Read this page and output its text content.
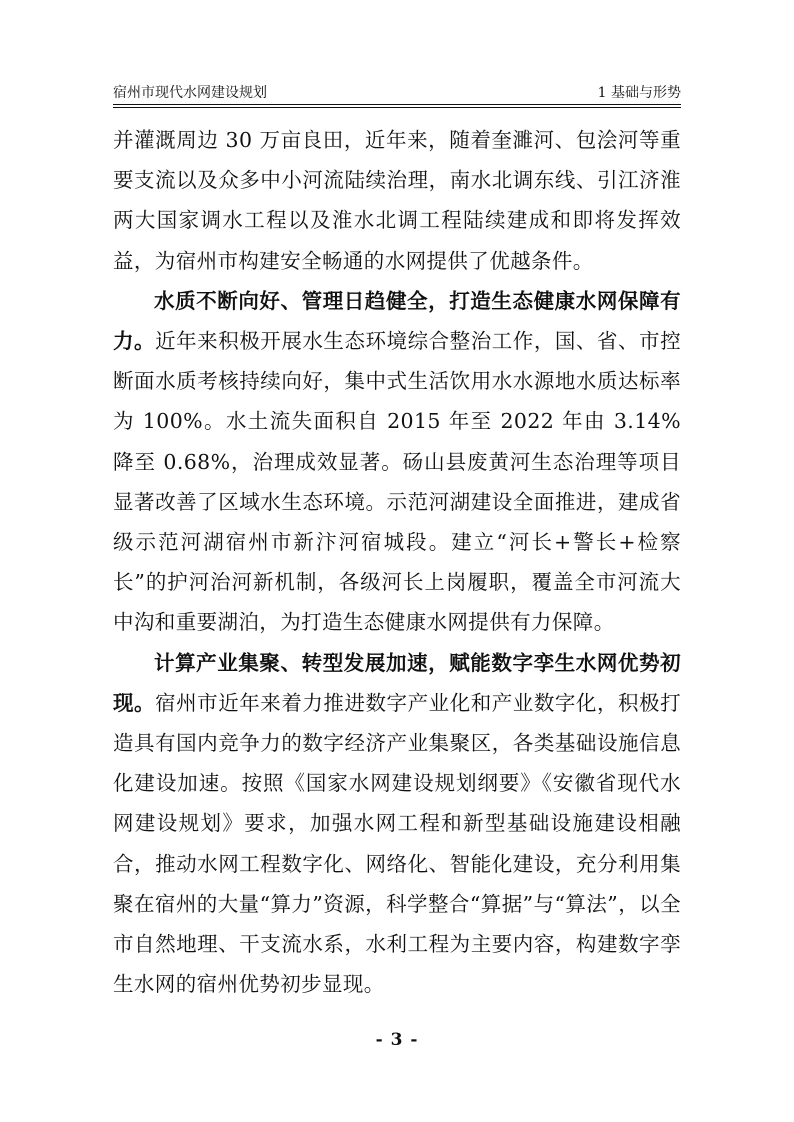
宿州市现代水网建设规划	1 基础与形势

并灌溉周边 30 万亩良田，近年来，随着奎濉河、包浍河等重要支流以及众多中小河流陆续治理，南水北调东线、引江济淮两大国家调水工程以及淮水北调工程陆续建成和即将发挥效益，为宿州市构建安全畅通的水网提供了优越条件。

水质不断向好、管理日趋健全，打造生态健康水网保障有力。近年来积极开展水生态环境综合整治工作，国、省、市控断面水质考核持续向好，集中式生活饮用水水源地水质达标率为 100%。水土流失面积自 2015 年至 2022 年由 3.14%降至 0.68%，治理成效显著。砀山县废黄河生态治理等项目显著改善了区域水生态环境。示范河湖建设全面推进，建成省级示范河湖宿州市新汴河宿城段。建立“河长+警长+检察长”的护河治河新机制，各级河长上岗履职，覆盖全市河流大中沟和重要湖泊，为打造生态健康水网提供有力保障。

计算产业集聚、转型发展加速，赋能数字孪生水网优势初现。宿州市近年来着力推进数字产业化和产业数字化，积极打造具有国内竞争力的数字经济产业集聚区，各类基础设施信息化建设加速。按照《国家水网建设规划纲要》《安徽省现代水网建设规划》要求，加强水网工程和新型基础设施建设相融合，推动水网工程数字化、网络化、智能化建设，充分利用集聚在宿州的大量“算力”资源，科学整合“算据”与“算法”，以全市自然地理、干支流水系，水利工程为主要内容，构建数字孪生水网的宿州优势初步显现。

- 3 -
